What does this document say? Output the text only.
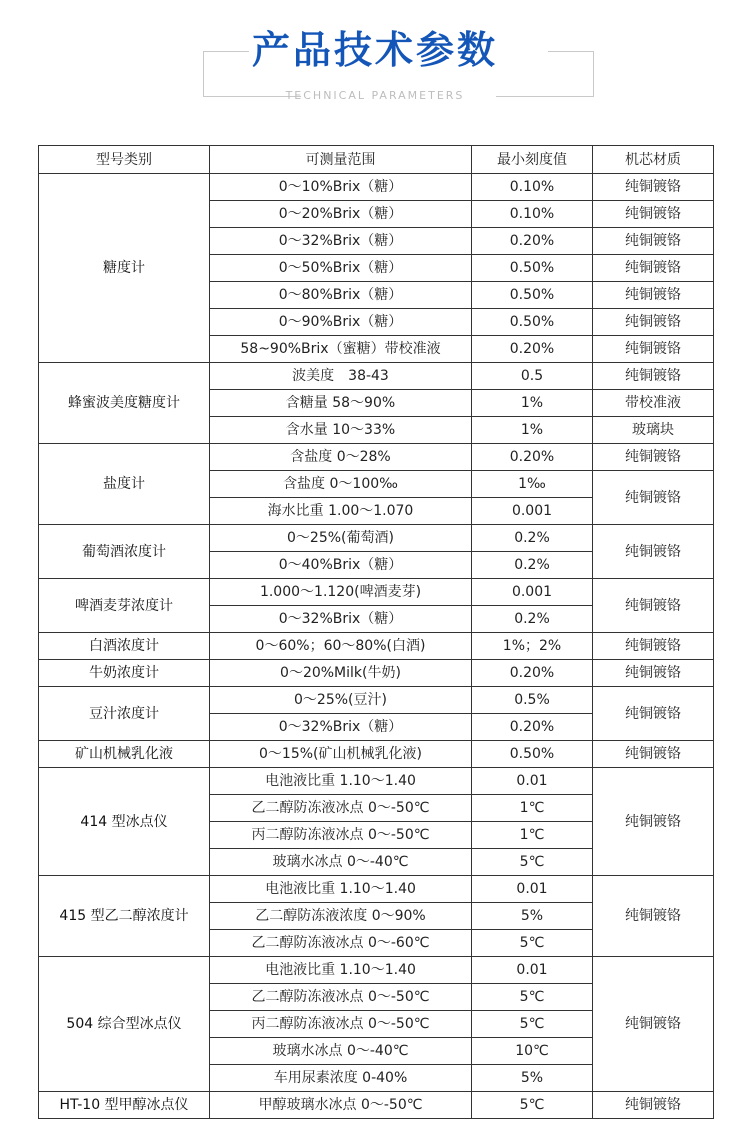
产品技术参数
TECHNICAL PARAMETERS
型号类别	可测量范围	最小刻度值	机芯材质
糖度计	0～10%Brix（糖）	0.10%	纯铜镀铬
	0～20%Brix（糖）	0.10%	纯铜镀铬
	0～32%Brix（糖）	0.20%	纯铜镀铬
	0～50%Brix（糖）	0.50%	纯铜镀铬
	0～80%Brix（糖）	0.50%	纯铜镀铬
	0～90%Brix（糖）	0.50%	纯铜镀铬
	58~90%Brix（蜜糖）带校准液	0.20%	纯铜镀铬
蜂蜜波美度糖度计	波美度　38-43	0.5	纯铜镀铬
	含糖量 58～90%	1%	带校准液
	含水量 10～33%	1%	玻璃块
盐度计	含盐度 0～28%	0.20%	纯铜镀铬
	含盐度 0～100‰	1‰	纯铜镀铬
	海水比重 1.00～1.070	0.001	
葡萄酒浓度计	0～25%(葡萄酒)	0.2%	纯铜镀铬
	0～40%Brix（糖）	0.2%	
啤酒麦芽浓度计	1.000～1.120(啤酒麦芽)	0.001	纯铜镀铬
	0～32%Brix（糖）	0.2%	
白酒浓度计	0～60%；60～80%(白酒)	1%；2%	纯铜镀铬
牛奶浓度计	0～20%Milk(牛奶)	0.20%	纯铜镀铬
豆汁浓度计	0～25%(豆汁)	0.5%	纯铜镀铬
	0～32%Brix（糖）	0.20%	
矿山机械乳化液	0～15%(矿山机械乳化液)	0.50%	纯铜镀铬
414 型冰点仪	电池液比重 1.10～1.40	0.01	纯铜镀铬
	乙二醇防冻液冰点 0～-50℃	1℃	
	丙二醇防冻液冰点 0～-50℃	1℃	
	玻璃水冰点 0～-40℃	5℃	
415 型乙二醇浓度计	电池液比重 1.10～1.40	0.01	纯铜镀铬
	乙二醇防冻液浓度 0～90%	5%	
	乙二醇防冻液冰点 0～-60℃	5℃	
504 综合型冰点仪	电池液比重 1.10～1.40	0.01	纯铜镀铬
	乙二醇防冻液冰点 0～-50℃	5℃	
	丙二醇防冻液冰点 0～-50℃	5℃	
	玻璃水冰点 0～-40℃	10℃	
	车用尿素浓度 0-40%	5%	
HT-10 型甲醇冰点仪	甲醇玻璃水冰点 0～-50℃	5℃	纯铜镀铬
